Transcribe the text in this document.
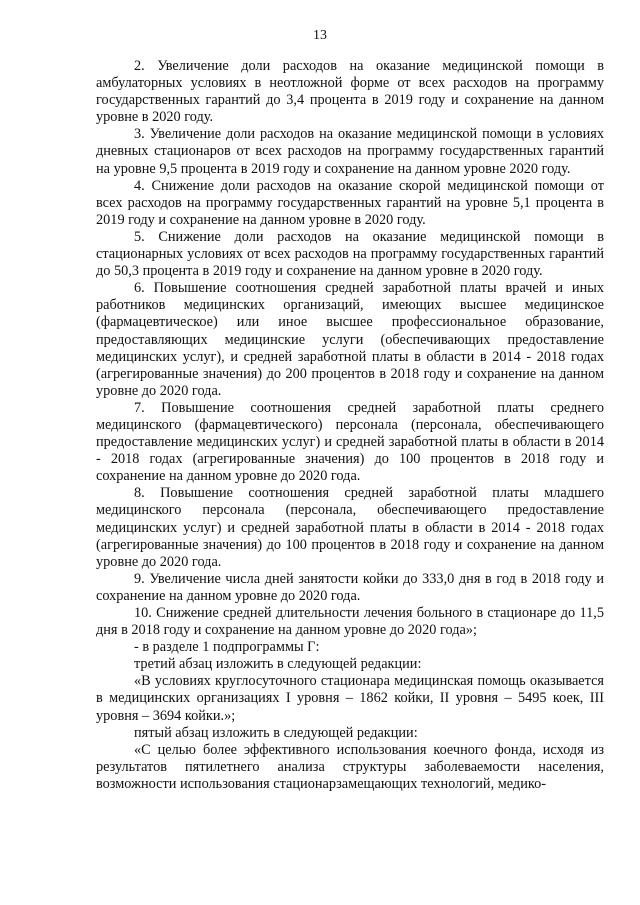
13

2. Увеличение доли расходов на оказание медицинской помощи в амбулаторных условиях в неотложной форме от всех расходов на программу государственных гарантий до 3,4 процента в 2019 году и сохранение на данном уровне в 2020 году.

3. Увеличение доли расходов на оказание медицинской помощи в условиях дневных стационаров от всех расходов на программу государственных гарантий на уровне 9,5 процента в 2019 году и сохранение на данном уровне 2020 году.

4. Снижение доли расходов на оказание скорой медицинской помощи от всех расходов на программу государственных гарантий на уровне 5,1 процента в 2019 году и сохранение на данном уровне в 2020 году.

5. Снижение доли расходов на оказание медицинской помощи в стационарных условиях от всех расходов на программу государственных гарантий до 50,3 процента в 2019 году и сохранение на данном уровне в 2020 году.

6. Повышение соотношения средней заработной платы врачей и иных работников медицинских организаций, имеющих высшее медицинское (фармацевтическое) или иное высшее профессиональное образование, предоставляющих медицинские услуги (обеспечивающих предоставление медицинских услуг), и средней заработной платы в области в 2014 - 2018 годах (агрегированные значения) до 200 процентов в 2018 году и сохранение на данном уровне до 2020 года.

7. Повышение соотношения средней заработной платы среднего медицинского (фармацевтического) персонала (персонала, обеспечивающего предоставление медицинских услуг) и средней заработной платы в области в 2014 - 2018 годах (агрегированные значения) до 100 процентов в 2018 году и сохранение на данном уровне до 2020 года.

8. Повышение соотношения средней заработной платы младшего медицинского персонала (персонала, обеспечивающего предоставление медицинских услуг) и средней заработной платы в области в 2014 - 2018 годах (агрегированные значения) до 100 процентов в 2018 году и сохранение на данном уровне до 2020 года.

9. Увеличение числа дней занятости койки до 333,0 дня в год в 2018 году и сохранение на данном уровне до 2020 года.

10. Снижение средней длительности лечения больного в стационаре до 11,5 дня в 2018 году и сохранение на данном уровне до 2020 года»;

- в разделе 1 подпрограммы Г:

третий абзац изложить в следующей редакции:

«В условиях круглосуточного стационара медицинская помощь оказывается в медицинских организациях I уровня – 1862 койки, II уровня – 5495 коек, III уровня – 3694 койки.»;

пятый абзац изложить в следующей редакции:

«С целью более эффективного использования коечного фонда, исходя из результатов пятилетнего анализа структуры заболеваемости населения, возможности использования стационарзамещающих технологий, медико-
